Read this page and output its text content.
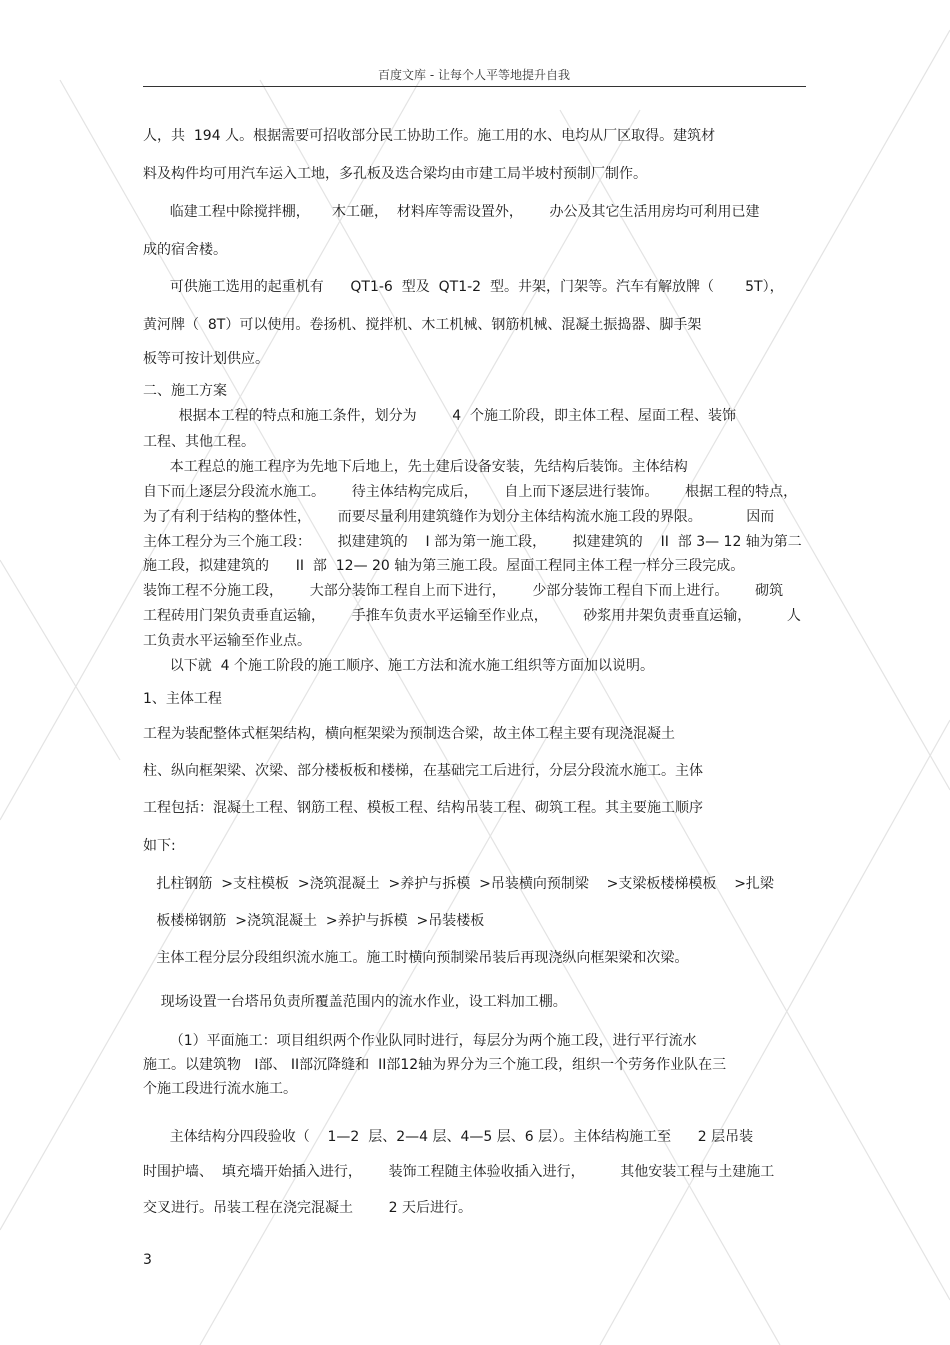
百度文库 - 让每个人平等地提升自我
人，共  194 人。根据需要可招收部分民工协助工作。施工用的水、电均从厂区取得。建筑材
料及构件均可用汽车运入工地，多孔板及迭合梁均由市建工局半坡村预制厂制作。
临建工程中除搅拌棚，     木工砸，  材料库等需设置外，      办公及其它生活用房均可利用已建
成的宿舍楼。
可供施工选用的起重机有      QT1-6  型及  QT1-2  型。井架，门架等。汽车有解放牌（       5T），
黄河牌（  8T）可以使用。卷扬机、搅拌机、木工机械、钢筋机械、混凝土振捣器、脚手架
板等可按计划供应。
二、施工方案
根据本工程的特点和施工条件，划分为        4  个施工阶段，即主体工程、屋面工程、装饰
工程、其他工程。
本工程总的施工程序为先地下后地上，先土建后设备安装，先结构后装饰。主体结构
自下而上逐层分段流水施工。      待主体结构完成后，      自上而下逐层进行装饰。      根据工程的特点，
为了有利于结构的整体性，      而要尽量利用建筑缝作为划分主体结构流水施工段的界限。          因而
主体工程分为三个施工段：      拟建建筑的    I 部为第一施工段，      拟建建筑的    II  部 3— 12 轴为第二
施工段，拟建建筑的      II  部  12— 20 轴为第三施工段。屋面工程同主体工程一样分三段完成。
装饰工程不分施工段，      大部分装饰工程自上而下进行，      少部分装饰工程自下而上进行。      砌筑
工程砖用门架负责垂直运输，      手推车负责水平运输至作业点，        砂浆用井架负责垂直运输，        人
工负责水平运输至作业点。
以下就  4 个施工阶段的施工顺序、施工方法和流水施工组织等方面加以说明。
1、主体工程
工程为装配整体式框架结构，横向框架梁为预制迭合梁，故主体工程主要有现浇混凝土
柱、纵向框架梁、次梁、部分楼板板和楼梯，在基础完工后进行，分层分段流水施工。主体
工程包括：混凝土工程、钢筋工程、模板工程、结构吊装工程、砌筑工程。其主要施工顺序
如下:
扎柱钢筋  >支柱模板  >浇筑混凝土  >养护与拆模  >吊装横向预制梁    >支梁板楼梯模板    >扎梁
板楼梯钢筋  >浇筑混凝土  >养护与拆模  >吊装楼板
主体工程分层分段组织流水施工。施工时横向预制梁吊装后再现浇纵向框架梁和次梁。
现场设置一台塔吊负责所覆盖范围内的流水作业，设工料加工棚。
（1）平面施工：项目组织两个作业队同时进行，每层分为两个施工段，进行平行流水
施工。以建筑物   I部、 II部沉降缝和  II部12轴为界分为三个施工段，组织一个劳务作业队在三
个施工段进行流水施工。
主体结构分四段验收（    1—2  层、2—4 层、4—5 层、6 层）。主体结构施工至      2 层吊装
时围护墙、  填充墙开始插入进行，      装饰工程随主体验收插入进行，        其他安装工程与土建施工
交叉进行。吊装工程在浇完混凝土        2 天后进行。
3
